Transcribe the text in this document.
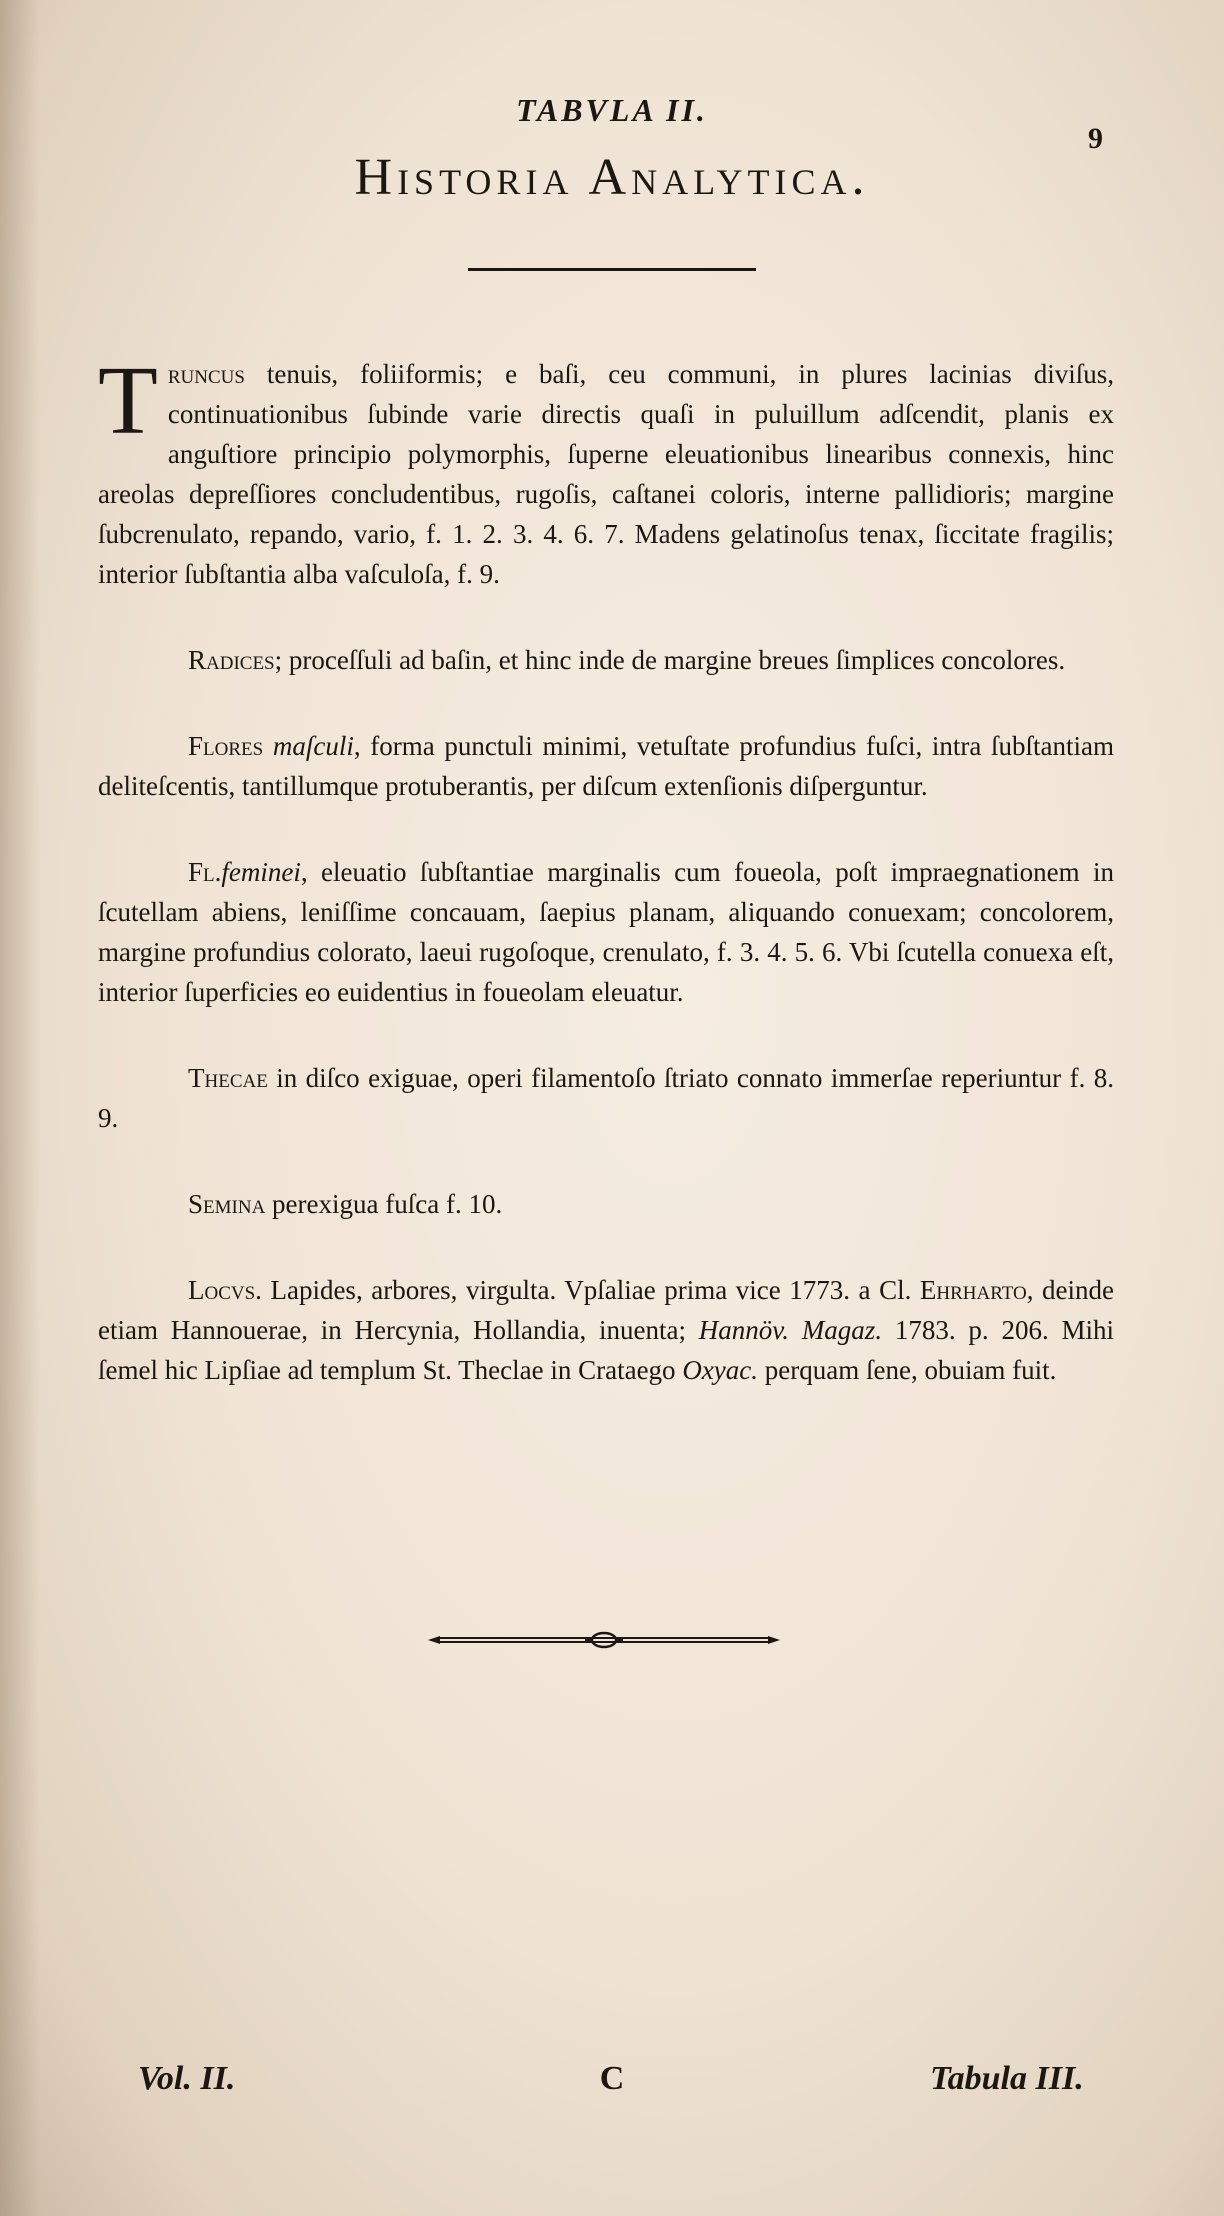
TABVLA II.
9
Historia Analytica.

Truncus tenuis, foliiformis; e baſi, ceu communi, in plures lacinias diviſus, continuationibus ſubinde varie directis quaſi in puluillum adſcendit, planis ex anguſtiore principio polymorphis, ſuperne eleuationibus linearibus connexis, hinc areolas depreſſiores concludentibus, rugoſis, caſtanei coloris, interne pallidioris; margine ſubcrenulato, repando, vario, f. 1. 2. 3. 4. 6. 7. Madens gelatinoſus tenax, ſiccitate fragilis; interior ſubſtantia alba vaſculoſa, f. 9.

Radices; proceſſuli ad baſin, et hinc inde de margine breues ſimplices concolores.

Flores maſculi, forma punctuli minimi, vetuſtate profundius fuſci, intra ſubſtantiam deliteſcentis, tantillumque protuberantis, per diſcum extenſionis diſperguntur.

Fl.feminei, eleuatio ſubſtantiae marginalis cum foueola, poſt impraegnationem in ſcutellam abiens, leniſſime concauam, ſaepius planam, aliquando conuexam; concolorem, margine profundius colorato, laeui rugoſoque, crenulato, f. 3. 4. 5. 6. Vbi ſcutella conuexa eſt, interior ſuperficies eo euidentius in foueolam eleuatur.

Thecae in diſco exiguae, operi filamentoſo ſtriato connato immerſae reperiuntur f. 8. 9.

Semina perexigua fuſca f. 10.

Locvs. Lapides, arbores, virgulta. Vpſaliae prima vice 1773. a Cl. Ehrharto, deinde etiam Hannouerae, in Hercynia, Hollandia, inuenta; Hannöv. Magaz. 1783. p. 206. Mihi ſemel hic Lipſiae ad templum St. Theclae in Crataego Oxyac. perquam ſene, obuiam fuit.

Vol. II.	C	Tabula III.
